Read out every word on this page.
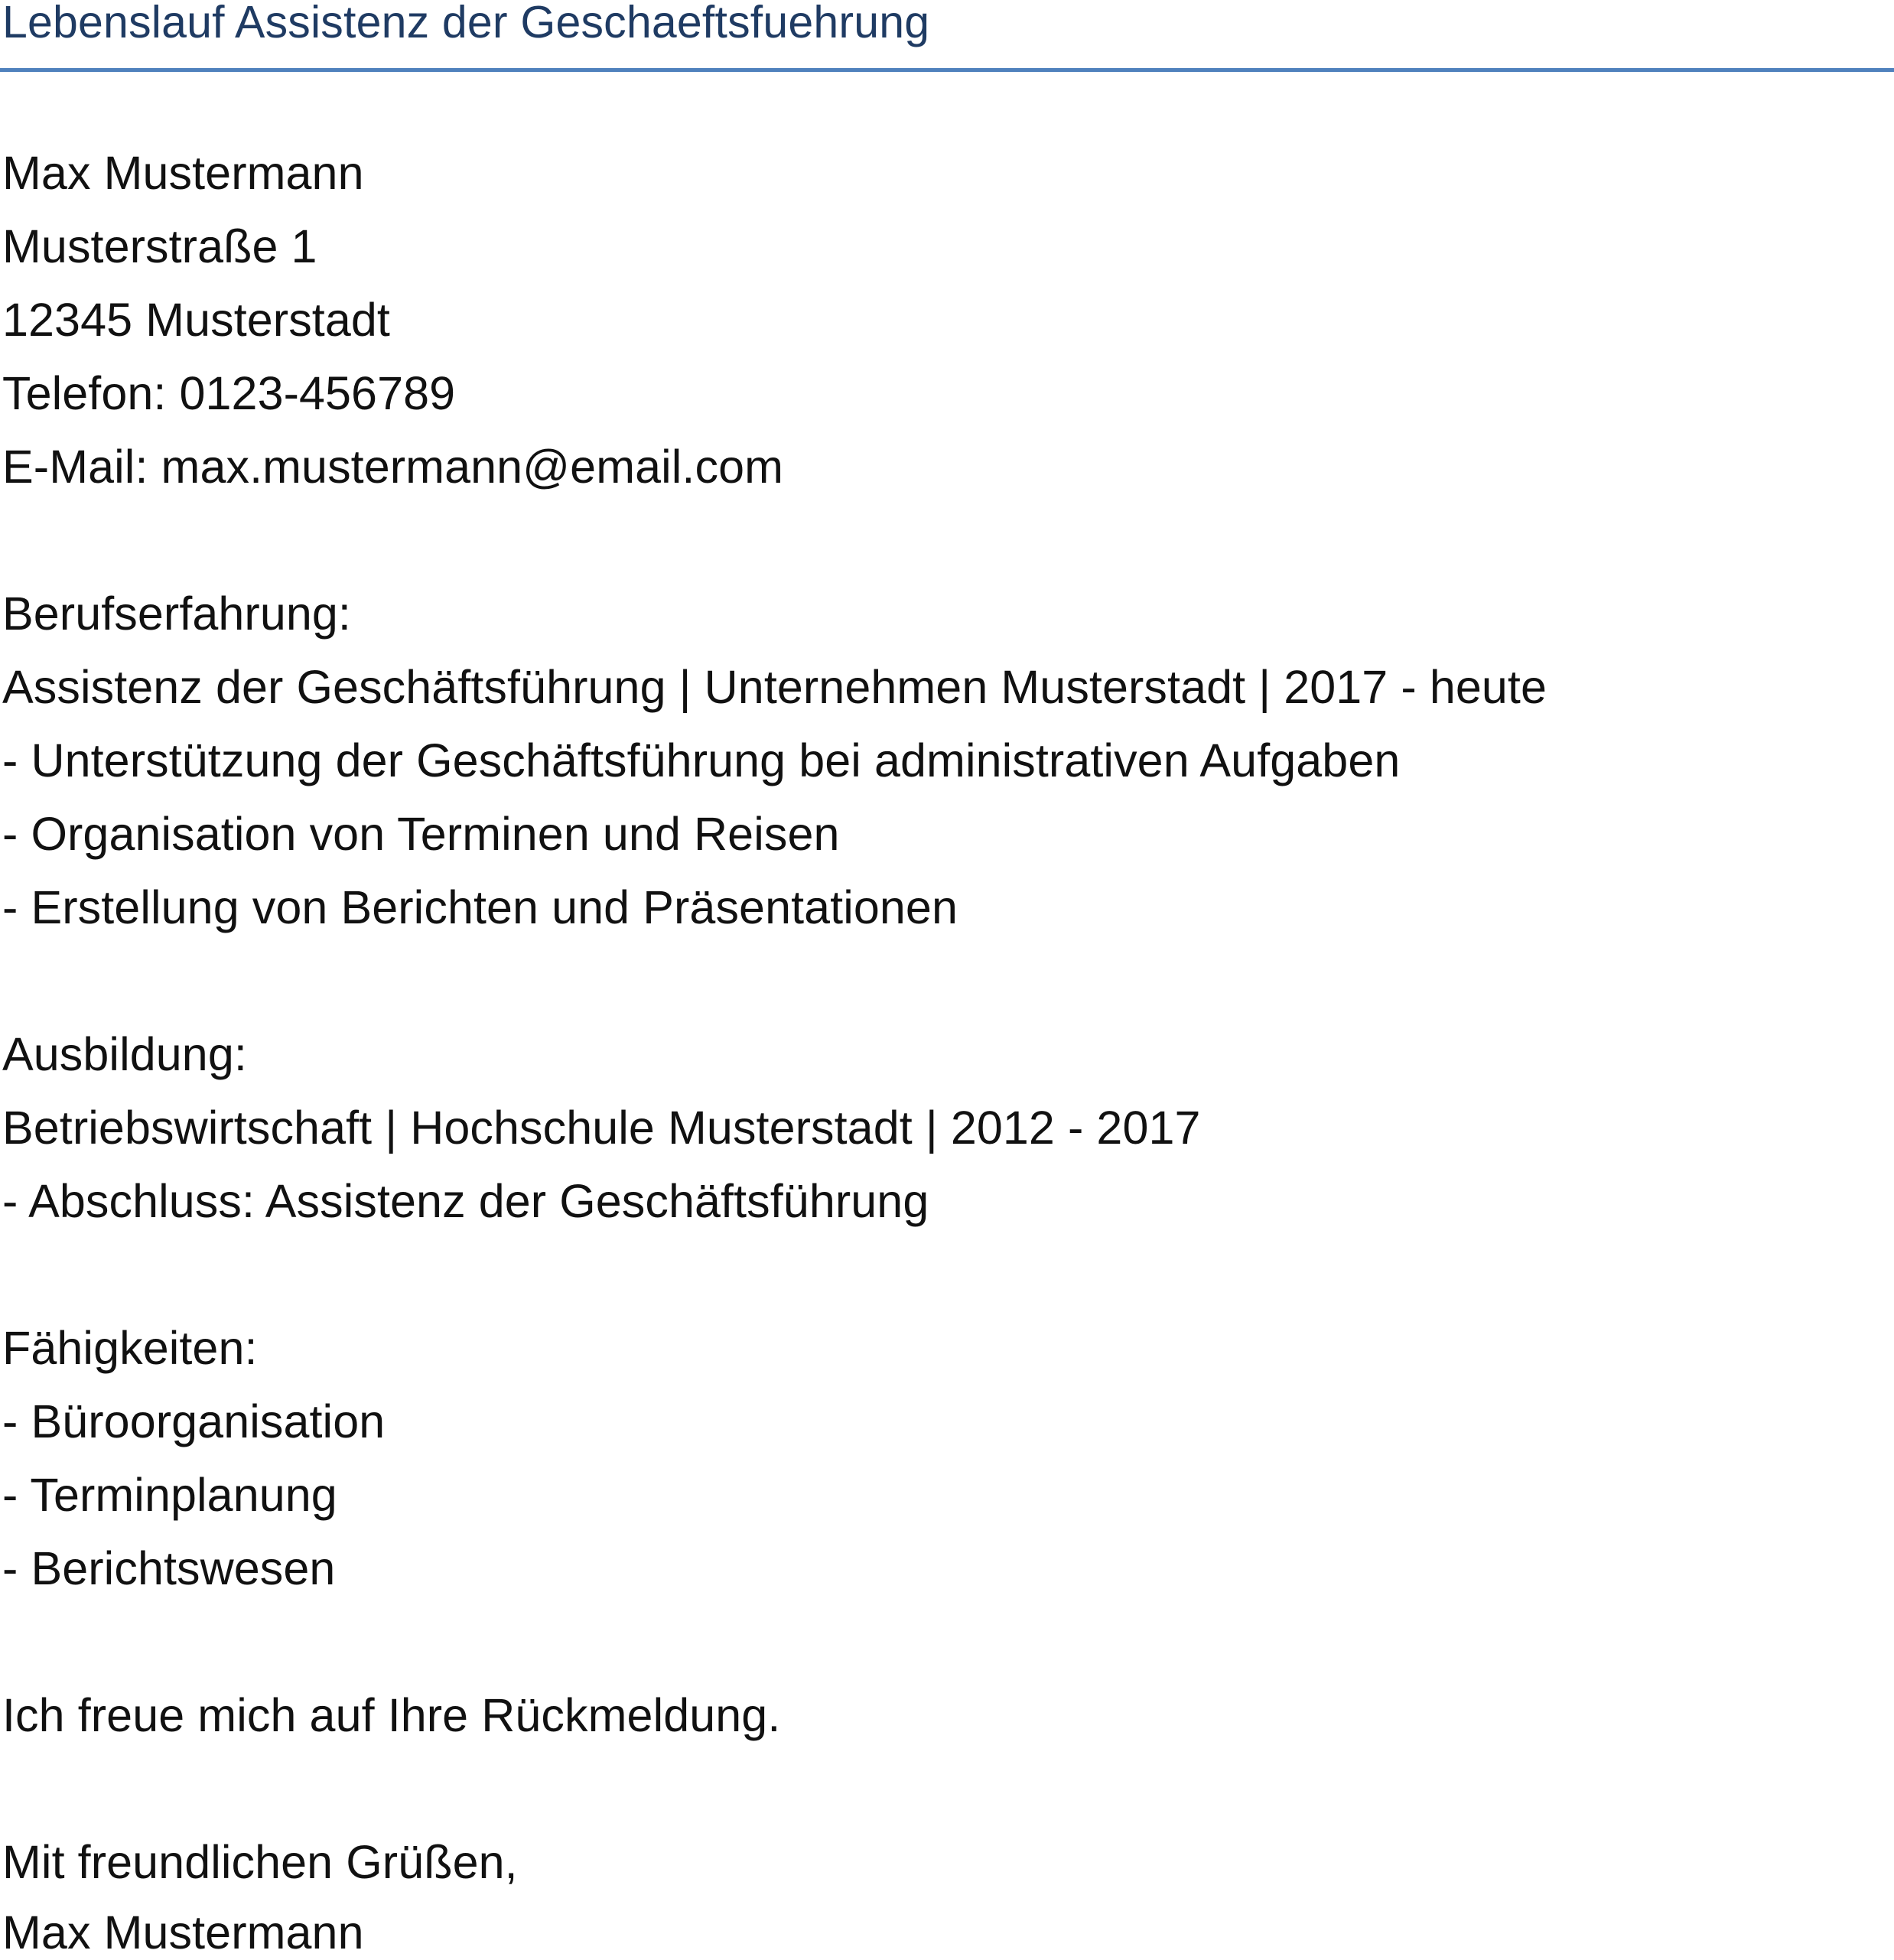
Lebenslauf Assistenz der Geschaeftsfuehrung
Max Mustermann
Musterstraße 1
12345 Musterstadt
Telefon: 0123-456789
E-Mail: max.mustermann@email.com
Berufserfahrung:
Assistenz der Geschäftsführung | Unternehmen Musterstadt | 2017 - heute
- Unterstützung der Geschäftsführung bei administrativen Aufgaben
- Organisation von Terminen und Reisen
- Erstellung von Berichten und Präsentationen
Ausbildung:
Betriebswirtschaft | Hochschule Musterstadt | 2012 - 2017
- Abschluss: Assistenz der Geschäftsführung
Fähigkeiten:
- Büroorganisation
- Terminplanung
- Berichtswesen
Ich freue mich auf Ihre Rückmeldung.
Mit freundlichen Grüßen,
Max Mustermann
